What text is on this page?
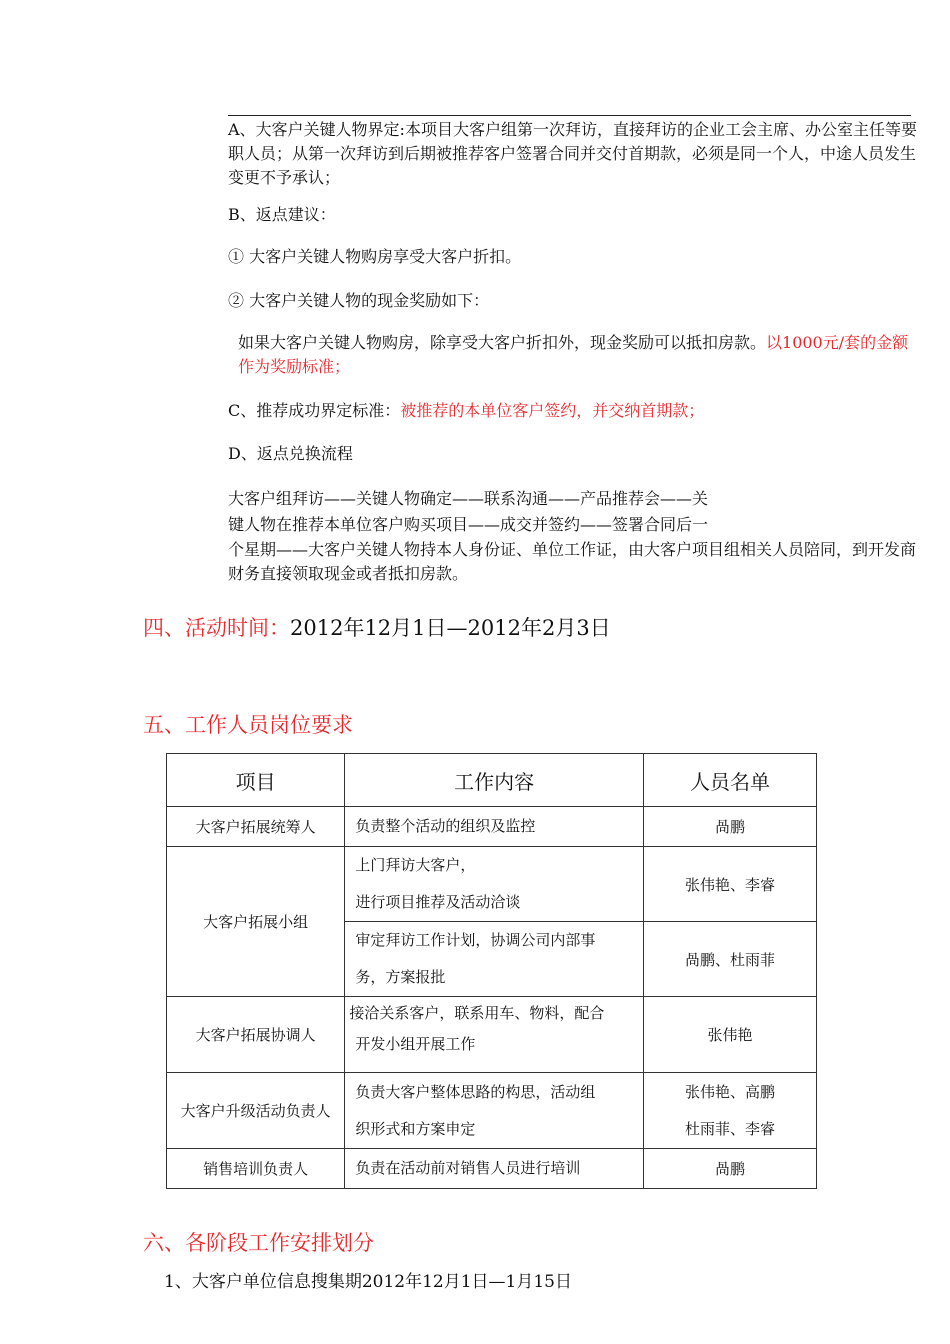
A、大客户关键人物界定:本项目大客户组第一次拜访，直接拜访的企业工会主席、办公室主任等要职人员；从第一次拜访到后期被推荐客户签署合同并交付首期款，必须是同一个人，中途人员发生变更不予承认；

B、返点建议：

① 大客户关键人物购房享受大客户折扣。

② 大客户关键人物的现金奖励如下：

如果大客户关键人物购房，除享受大客户折扣外，现金奖励可以抵扣房款。以1000元/套的金额作为奖励标准；

C、推荐成功界定标准：被推荐的本单位客户签约，并交纳首期款；

D、返点兑换流程

大客户组拜访——关键人物确定——联系沟通——产品推荐会——关

键人物在推荐本单位客户购买项目——成交并签约——签署合同后一

个星期——大客户关键人物持本人身份证、单位工作证，由大客户项目组相关人员陪同，到开发商财务直接领取现金或者抵扣房款。

四、活动时间：2012年12月1日—2012年2月3日

五、工作人员岗位要求

项目	工作内容	人员名单
大客户拓展统筹人	负责整个活动的组织及监控	咼鹏
大客户拓展小组	上门拜访大客户，
进行项目推荐及活动洽谈	张伟艳、李睿

	审定拜访工作计划，协调公司内部事
务，方案报批	咼鹏、杜雨菲
大客户拓展协调人	接洽关系客户，联系用车、物料，配合
开发小组开展工作	张伟艳
大客户升级活动负责人	负责大客户整体思路的构思，活动组
织形式和方案申定	张伟艳、高鹏
杜雨菲、李睿

销售培训负责人	负责在活动前对销售人员进行培训	咼鹏

六、各阶段工作安排划分

1、大客户单位信息搜集期2012年12月1日—1月15日
